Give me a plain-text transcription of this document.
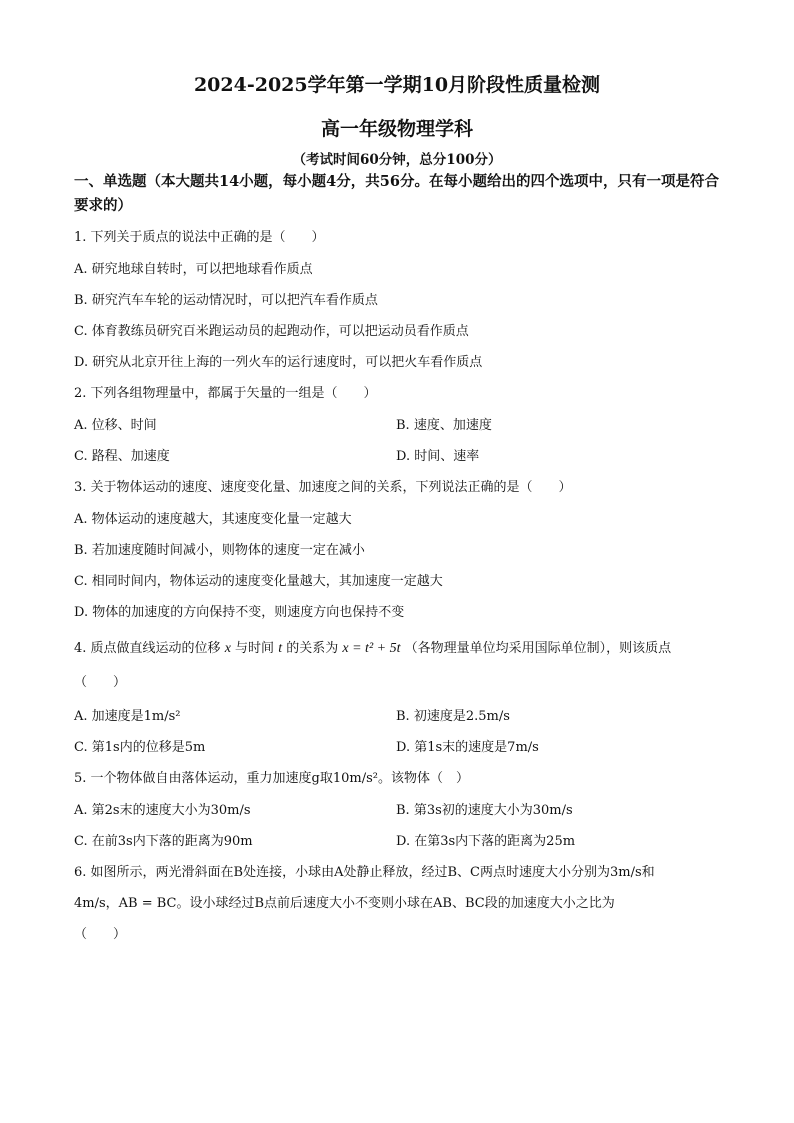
2024-2025学年第一学期10月阶段性质量检测
高一年级物理学科
（考试时间60分钟，总分100分）
一、单选题（本大题共14小题，每小题4分，共56分。在每小题给出的四个选项中，只有一项是符合要求的）
1. 下列关于质点的说法中正确的是（　　）
A. 研究地球自转时，可以把地球看作质点
B. 研究汽车车轮的运动情况时，可以把汽车看作质点
C. 体育教练员研究百米跑运动员的起跑动作，可以把运动员看作质点
D. 研究从北京开往上海的一列火车的运行速度时，可以把火车看作质点
2. 下列各组物理量中，都属于矢量的一组是（　　）
A. 位移、时间	B. 速度、加速度
C. 路程、加速度	D. 时间、速率
3. 关于物体运动的速度、速度变化量、加速度之间的关系，下列说法正确的是（　　）
A. 物体运动的速度越大，其速度变化量一定越大
B. 若加速度随时间减小，则物体的速度一定在减小
C. 相同时间内，物体运动的速度变化量越大，其加速度一定越大
D. 物体的加速度的方向保持不变，则速度方向也保持不变
4. 质点做直线运动的位移 x 与时间 t 的关系为 x = t² + 5t （各物理量单位均采用国际单位制），则该质点
（　　）
A. 加速度是1m/s²	B. 初速度是2.5m/s
C. 第1s内的位移是5m	D. 第1s末的速度是7m/s
5. 一个物体做自由落体运动，重力加速度g取10m/s²。该物体（　）
A. 第2s末的速度大小为30m/s	B. 第3s初的速度大小为30m/s
C. 在前3s内下落的距离为90m	D. 在第3s内下落的距离为25m
6. 如图所示，两光滑斜面在B处连接，小球由A处静止释放，经过B、C两点时速度大小分别为3m/s和
4m/s，AB = BC。设小球经过B点前后速度大小不变则小球在AB、BC段的加速度大小之比为
（　　）
